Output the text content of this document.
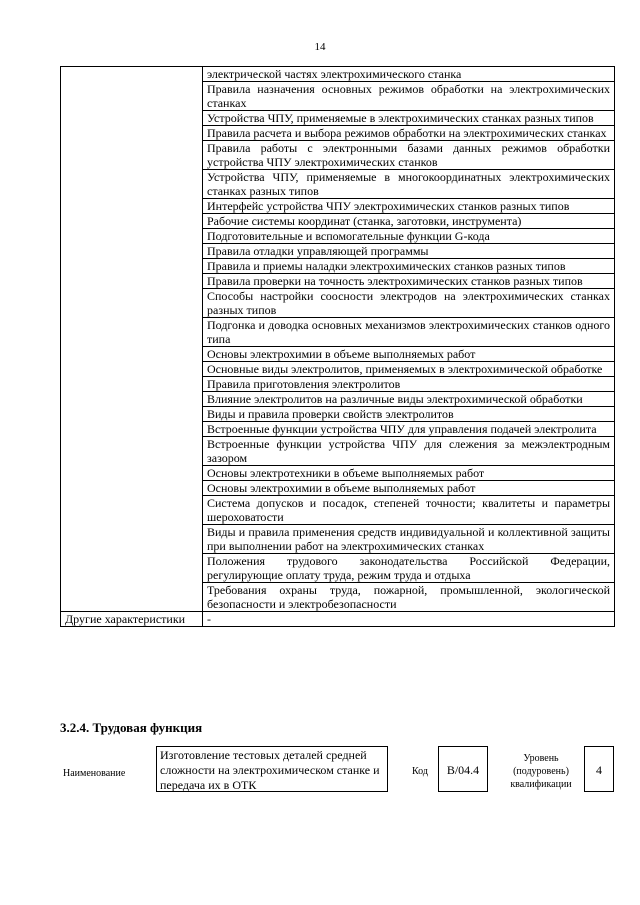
14
	электрической частях электрохимического станка
	Правила назначения основных режимов обработки на электрохимических станках
	Устройства ЧПУ, применяемые в электрохимических станках разных типов
	Правила расчета и выбора режимов обработки на электрохимических станках
	Правила работы с электронными базами данных режимов обработки устройства ЧПУ электрохимических станков
	Устройства ЧПУ, применяемые в многокоординатных электрохимических станках разных типов
	Интерфейс устройства ЧПУ электрохимических станков разных типов
	Рабочие системы координат (станка, заготовки, инструмента)
	Подготовительные и вспомогательные функции G-кода
	Правила отладки управляющей программы
	Правила и приемы наладки электрохимических станков разных типов
	Правила проверки на точность электрохимических станков разных типов
	Способы настройки соосности электродов на электрохимических станках разных типов
	Подгонка и доводка основных механизмов электрохимических станков одного типа
	Основы электрохимии в объеме выполняемых работ
	Основные виды электролитов, применяемых в электрохимической обработке
	Правила приготовления электролитов
	Влияние электролитов на различные виды электрохимической обработки
	Виды и правила проверки свойств электролитов
	Встроенные функции устройства ЧПУ для управления подачей электролита
	Встроенные функции устройства ЧПУ для слежения за межэлектродным зазором
	Основы электротехники в объеме выполняемых работ
	Основы электрохимии в объеме выполняемых работ
	Система допусков и посадок, степеней точности; квалитеты и параметры шероховатости
	Виды и правила применения средств индивидуальной и коллективной защиты при выполнении работ на электрохимических станках
	Положения трудового законодательства Российской Федерации, регулирующие оплату труда, режим труда и отдыха
	Требования охраны труда, пожарной, промышленной, экологической безопасности и электробезопасности
Другие характеристики	-
3.2.4. Трудовая функция
Наименование
Изготовление тестовых деталей средней сложности на электрохимическом станке и передача их в ОТК
Код	B/04.4
Уровень (подуровень) квалификации
4
